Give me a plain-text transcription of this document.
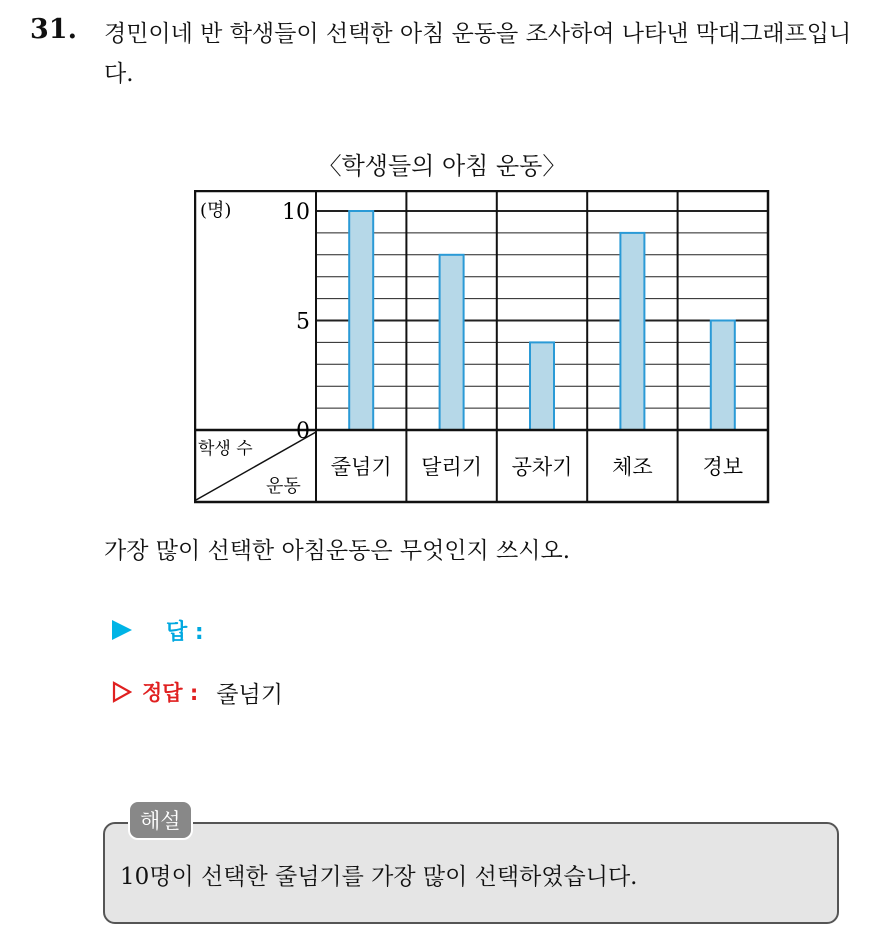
31. 경민이네 반 학생들이 선택한 아침 운동을 조사하여 나타낸 막대그래프입니다.
〈학생들의 아침 운동〉
(명)
0
5
10
줄넘기 달리기 공차기 체조 경보
학생 수
운동
가장 많이 선택한 아침운동은 무엇인지 쓰시오.
답 :
정답 : 줄넘기
해설
10명이 선택한 줄넘기를 가장 많이 선택하였습니다.
